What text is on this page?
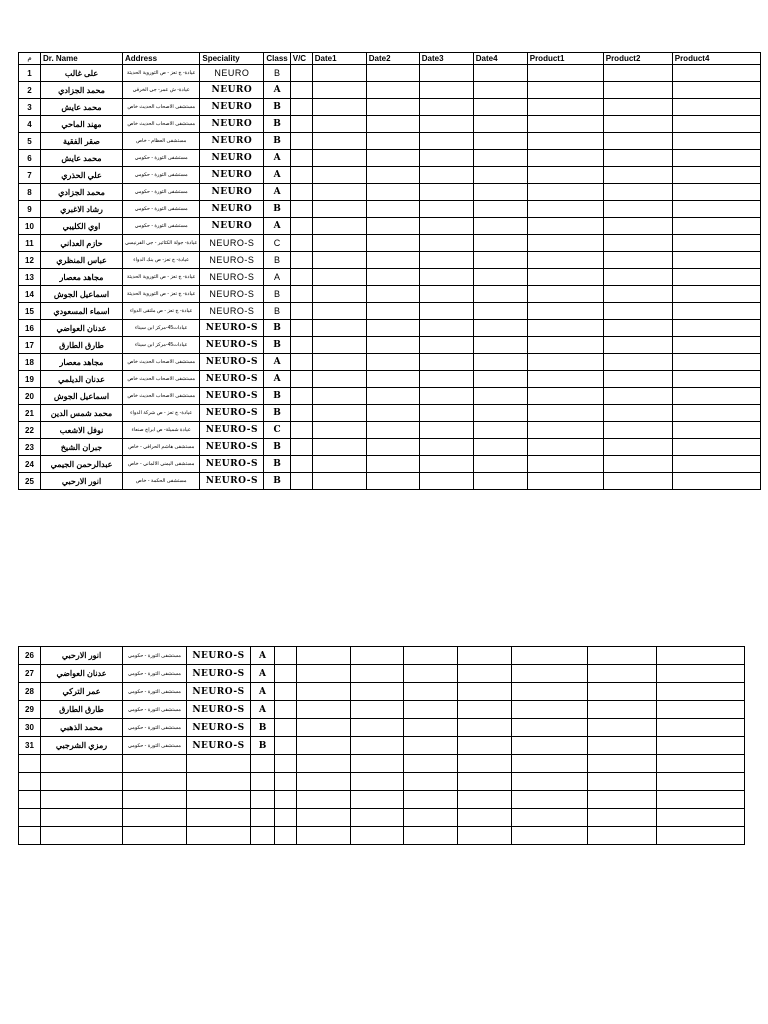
م	Dr. Name	Address	Speciality	Class	V/C	Date1	Date2	Date3	Date4	Product1	Product2	Product4
1	على غالب	عيادة- ج تعز - ص الثوروية الحديثة	NEURO	B								
2	محمد الجزادي	عيادة- ش عمر- جي الخرفي	NEURO	A								
3	محمد عايش	مستشفى الاصحاب الحديث خاص	NEURO	B								
4	مهند الماحي	مستشفى الاصحاب الحديث خاص	NEURO	B								
5	صقر الفقية	مستشفى العظام - خاص	NEURO	B								
6	محمد عايش	مستشفى الثورة - حكومي	NEURO	A								
7	علي الحذري	مستشفى الثورة - حكومي	NEURO	A								
8	محمد الجزادي	مستشفى الثورة - حكومي	NEURO	A								
9	رشاد الاغبري	مستشفى الثورة - حكومي	NEURO	B								
10	اوي الكليبي	مستشفى الثورة - حكومي	NEURO	A								
11	حازم العداني	عيادة- جولة الكثاثير - جي الفرنيسي	NEURO-S	C								
12	عباس المنظري	عيادة- ج تعز- ص بنك الدواء	NEURO-S	B								
13	مجاهد معصار	عيادة- ج تعز - ص الثوروية الحديثة	NEURO-S	A								
14	اسماعيل الجوش	عيادة- ج تعز - ص الثوروية الحديثة	NEURO-S	B								
15	اسماء المسعودي	عيادة- ج تعز - ص ملتقى الدواء	NEURO-S	B								
16	عدنان العواضي	عيادات45-مركز ابن سيناء	NEURO-S	B								
17	طارق الطارق	عيادات45-مركز ابن سيناء	NEURO-S	B								
18	مجاهد معصار	مستشفى الاصحاب الحديث خاص	NEURO-S	A								
19	عدنان الديلمي	مستشفى الاصحاب الحديث خاص	NEURO-S	A								
20	اسماعيل الجوش	مستشفى الاصحاب الحديث خاص	NEURO-S	B								
21	محمد شمس الدين	عيادة- ج تعز - ص شركة الدواء	NEURO-S	B								
22	نوفل الاشعب	عيادة شميلة- ص ابراج صنعاء	NEURO-S	C								
23	جبران الشيخ	مستشفى هاشم الحرافي - خاص	NEURO-S	B								
24	عبدالرحمن الجيمي	مستشفى اليمني الالماني - خاص	NEURO-S	B								
25	انور الارحبي	مستشفى الحكمة - خاص	NEURO-S	B								
26	انور الارحبي	مستشفى الثورة - حكومي	NEURO-S	A								
27	عدنان العواضي	مستشفى الثورة - حكومي	NEURO-S	A								
28	عمر التركي	مستشفى الثورة - حكومي	NEURO-S	A								
29	طارق الطارق	مستشفى الثورة - حكومي	NEURO-S	A								
30	محمد الذهبي	مستشفى الثورة - حكومي	NEURO-S	B								
31	رمزي الشرجبي	مستشفى الثورة - حكومي	NEURO-S	B								
